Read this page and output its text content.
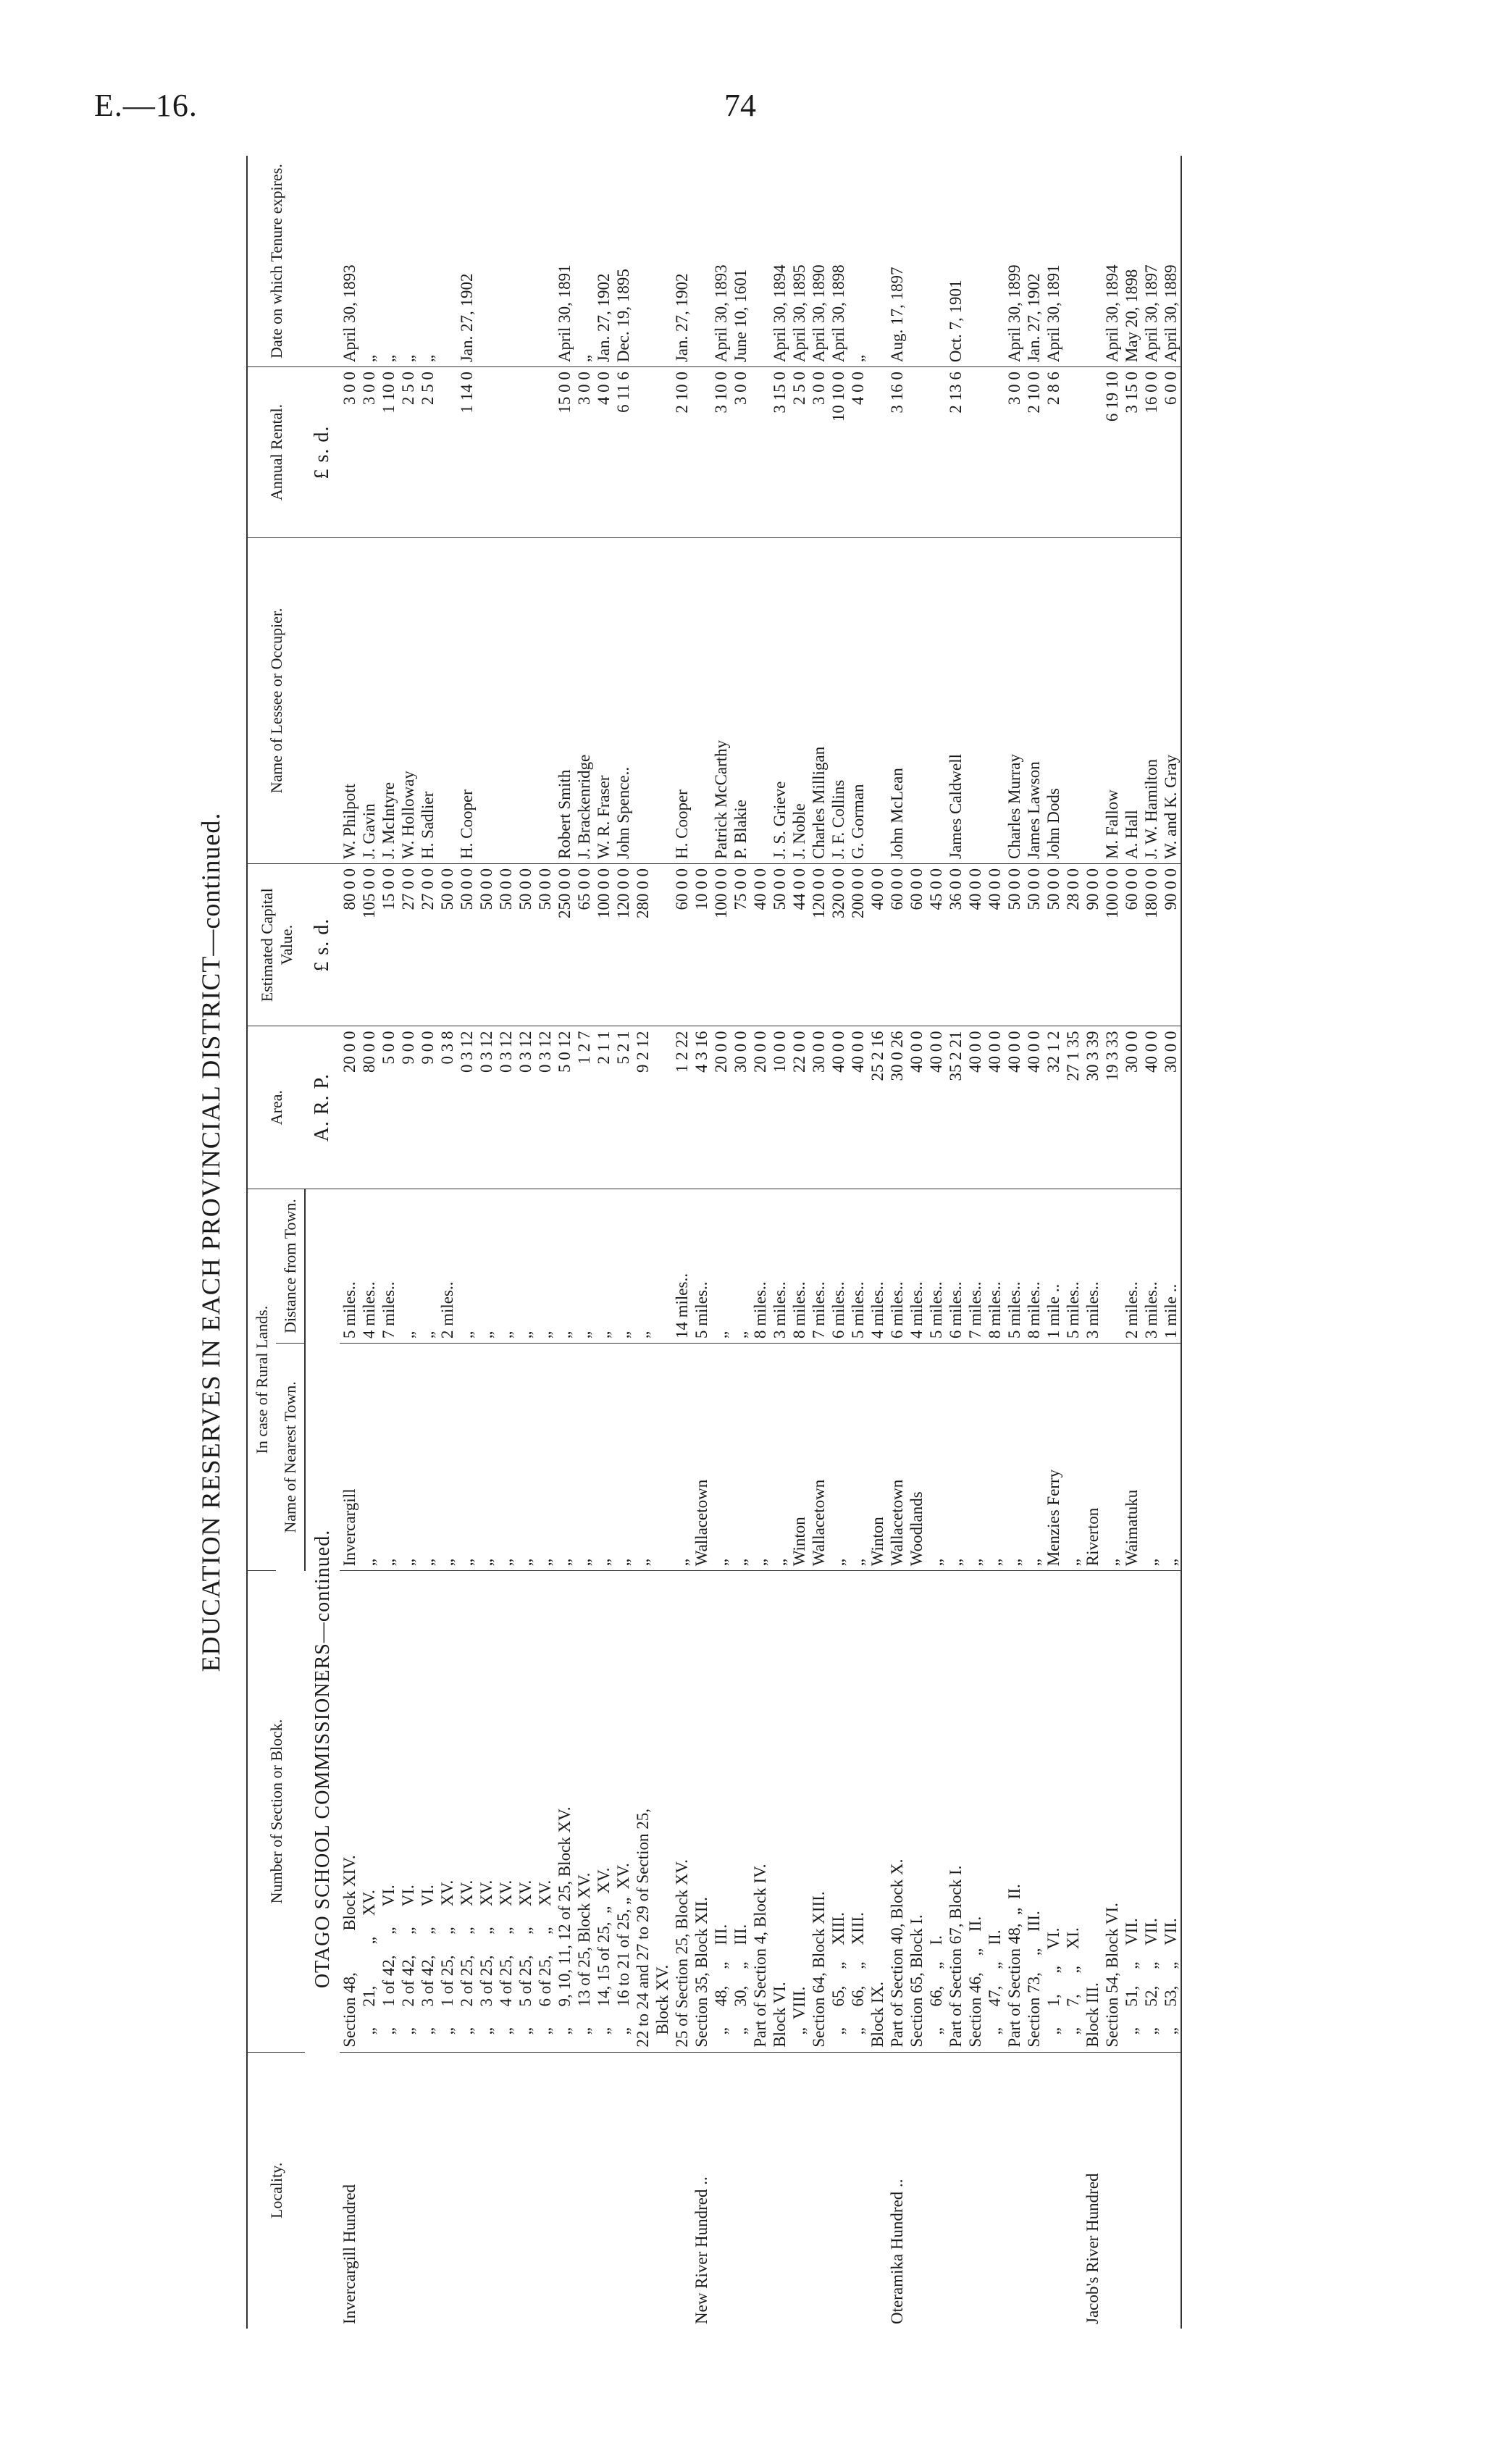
E.—16.	74
EDUCATION RESERVES IN EACH PROVINCIAL DISTRICT—continued.
Locality.	Number of Section or Block.	In case of Rural Lands.		Area.	Estimated Capital Value.	Name of Lessee or Occupier.	Annual Rental.	Date on which Tenure expires.
		Name of Nearest Town.	Distance from Town.					
OTAGO SCHOOL COMMISSIONERS—continued.				A. R. P.	£ s. d.		£ s. d.	
Invercargill Hundred	Section 48,          Block XIV.	Invercargill	5 miles..	20 0 0	80 0 0	W. Philpott	3 0 0	April 30, 1893
	„     21,          „     XV.	„	4 miles..	80 0 0	105 0 0	J. Gavin	3 0 0	„
	„     1 of 42,     „     VI.	„	7 miles..	5 0 0	15 0 0	J. McIntyre	1 10 0	„
	„     2 of 42,     „     VI.	„	„	9 0 0	27 0 0	W. Holloway	2 5 0	„
	„     3 of 42,     „     VI.	„	„	9 0 0	27 0 0	H. Sadlier	2 5 0	„
	„     1 of 25,     „     XV.	„	2 miles..	0 3 8	50 0 0			
	„     2 of 25,     „     XV.	„	„	0 3 12	50 0 0	H. Cooper	1 14 0	Jan. 27, 1902
	„     3 of 25,     „     XV.	„	„	0 3 12	50 0 0			
	„     4 of 25,     „     XV.	„	„	0 3 12	50 0 0			
	„     5 of 25,     „     XV.	„	„	0 3 12	50 0 0			
	„     6 of 25,     „     XV.	„	„	0 3 12	50 0 0			
	„     9, 10, 11, 12 of 25, Block XV.	„	„	5 0 12	250 0 0	Robert Smith	15 0 0	April 30, 1891
	„     13 of 25, Block XV.	„	„	1 2 7	65 0 0	J. Brackenridge	3 0 0	„
	„     14, 15 of 25,  „   XV.	„	„	2 1 1	100 0 0	W. R. Fraser	4 0 0	Jan. 27, 1902
	„     16 to 21 of 25, „  XV.	„	„	5 2 1	120 0 0	John Spence..	6 11 6	Dec. 19, 1895
	22 to 24 and 27 to 29 of Section 25,	„	„	9 2 12	280 0 0			
	Block XV.							
	25 of Section 25, Block XV.	„	14 miles..	1 2 22	60 0 0	H. Cooper	2 10 0	Jan. 27, 1902
New River Hundred ..	Section 35, Block XII.	Wallacetown	5 miles..	4 3 16	10 0 0			
	„     48,    „    III.	„	„	20 0 0	100 0 0	Patrick McCarthy	3 10 0	April 30, 1893
	„     30,    „    III.	„	„	30 0 0	75 0 0	P. Blakie	3 0 0	June 10, 1601
	Part of Section 4, Block IV.	„	8 miles..	20 0 0	40 0 0			
	Block VI.	„	3 miles..	10 0 0	50 0 0	J. S. Grieve	3 15 0	April 30, 1894
	„  VIII.	Winton	8 miles..	22 0 0	44 0 0	J. Noble	2 5 0	April 30, 1895
	Section 64, Block XIII.	Wallacetown	7 miles..	30 0 0	120 0 0	Charles Milligan	3 0 0	April 30, 1890
	„     65,    „    XIII.	„	6 miles..	40 0 0	320 0 0	J. F. Collins	10 10 0	April 30, 1898
	„     66,    „    XIII.	„	5 miles..	40 0 0	200 0 0	G. Gorman	4 0 0	„
	Block IX.	Winton	4 miles..	25 2 16	40 0 0			
Oteramika Hundred ..	Part of Section 40, Block X.	Wallacetown	6 miles..	30 0 26	60 0 0	John McLean	3 16 0	Aug. 17, 1897
	Section 65, Block I.	Woodlands	4 miles..	40 0 0	60 0 0			
	„     66,    „    I.	„	5 miles..	40 0 0	45 0 0			
	Part of Section 67, Block I.	„	6 miles..	35 2 21	36 0 0	James Caldwell	2 13 6	Oct. 7, 1901
	Section 46,    „    II.	„	7 miles..	40 0 0	40 0 0			
	„     47,    „    II.	„	8 miles..	40 0 0	40 0 0			
	Part of Section 48,  „  II.	„	5 miles..	40 0 0	50 0 0	Charles Murray	3 0 0	April 30, 1899
	Section 73,    „    III.	„	8 miles..	40 0 0	50 0 0	James Lawson	2 10 0	Jan. 27, 1902
	„     1,     „    VI.	Menzies Ferry	1 mile ..	32 1 2	50 0 0	John Dods	2 8 6	April 30, 1891
	„     7,     „    XI.	„	5 miles..	27 1 35	28 0 0			
Jacob's River Hundred	Block III.	Riverton	3 miles..	30 3 39	90 0 0			
	Section 54, Block VI.	„		19 3 33	100 0 0	M. Fallow	6 19 10	April 30, 1894
	„     51,    „    VII.	Waimatuku	2 miles..	30 0 0	60 0 0	A. Hall	3 15 0	May 20, 1898
	„     52,    „    VII.	„	3 miles..	40 0 0	180 0 0	J. W. Hamilton	16 0 0	April 30, 1897
	„     53,    „    VII.	„	1 mile ..	30 0 0	90 0 0	W. and K. Gray	6 0 0	April 30, 1889
